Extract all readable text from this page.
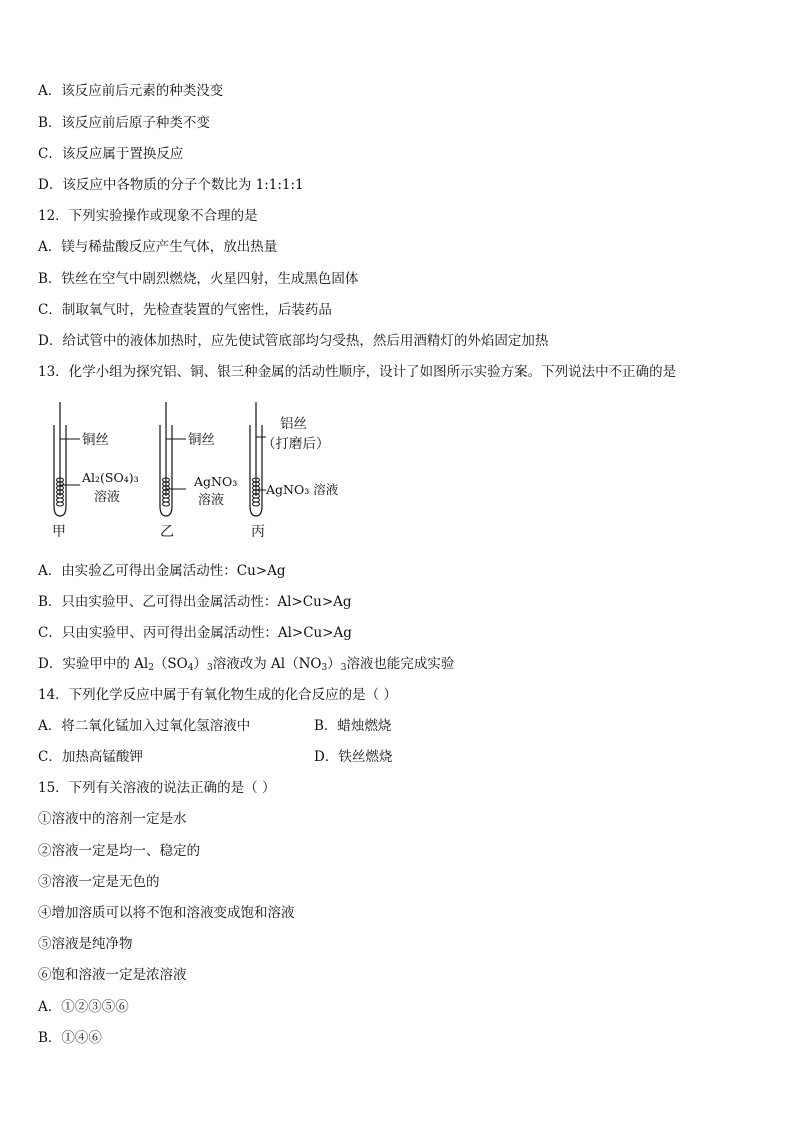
A．该反应前后元素的种类没变
B．该反应前后原子种类不变
C．该反应属于置换反应
D．该反应中各物质的分子个数比为 1:1:1:1
12．下列实验操作或现象不合理的是
A．镁与稀盐酸反应产生气体，放出热量
B．铁丝在空气中剧烈燃烧，火星四射，生成黑色固体
C．制取氧气时，先检查装置的气密性，后装药品
D．给试管中的液体加热时，应先使试管底部均匀受热，然后用酒精灯的外焰固定加热
13．化学小组为探究铝、铜、银三种金属的活动性顺序，设计了如图所示实验方案。下列说法中不正确的是
铜丝
Al₂(SO₄)₃
溶液
甲
铜丝
AgNO₃
溶液
乙
铝丝
（打磨后）
AgNO₃ 溶液
丙
A．由实验乙可得出金属活动性：Cu>Ag
B．只由实验甲、乙可得出金属活动性：Al>Cu>Ag
C．只由实验甲、丙可得出金属活动性：Al>Cu>Ag
D．实验甲中的 $Al_2(SO_4)_3$溶液改为 $Al(NO_3)_3$溶液也能完成实验
14．下列化学反应中属于有氧化物生成的化合反应的是（ ）
A．将二氧化锰加入过氧化氢溶液中	B．蜡烛燃烧
C．加热高锰酸钾	D．铁丝燃烧
15．下列有关溶液的说法正确的是（ ）
①溶液中的溶剂一定是水
②溶液一定是均一、稳定的
③溶液一定是无色的
④增加溶质可以将不饱和溶液变成饱和溶液
⑤溶液是纯净物
⑥饱和溶液一定是浓溶液
A．①②③⑤⑥
B．①④⑥
